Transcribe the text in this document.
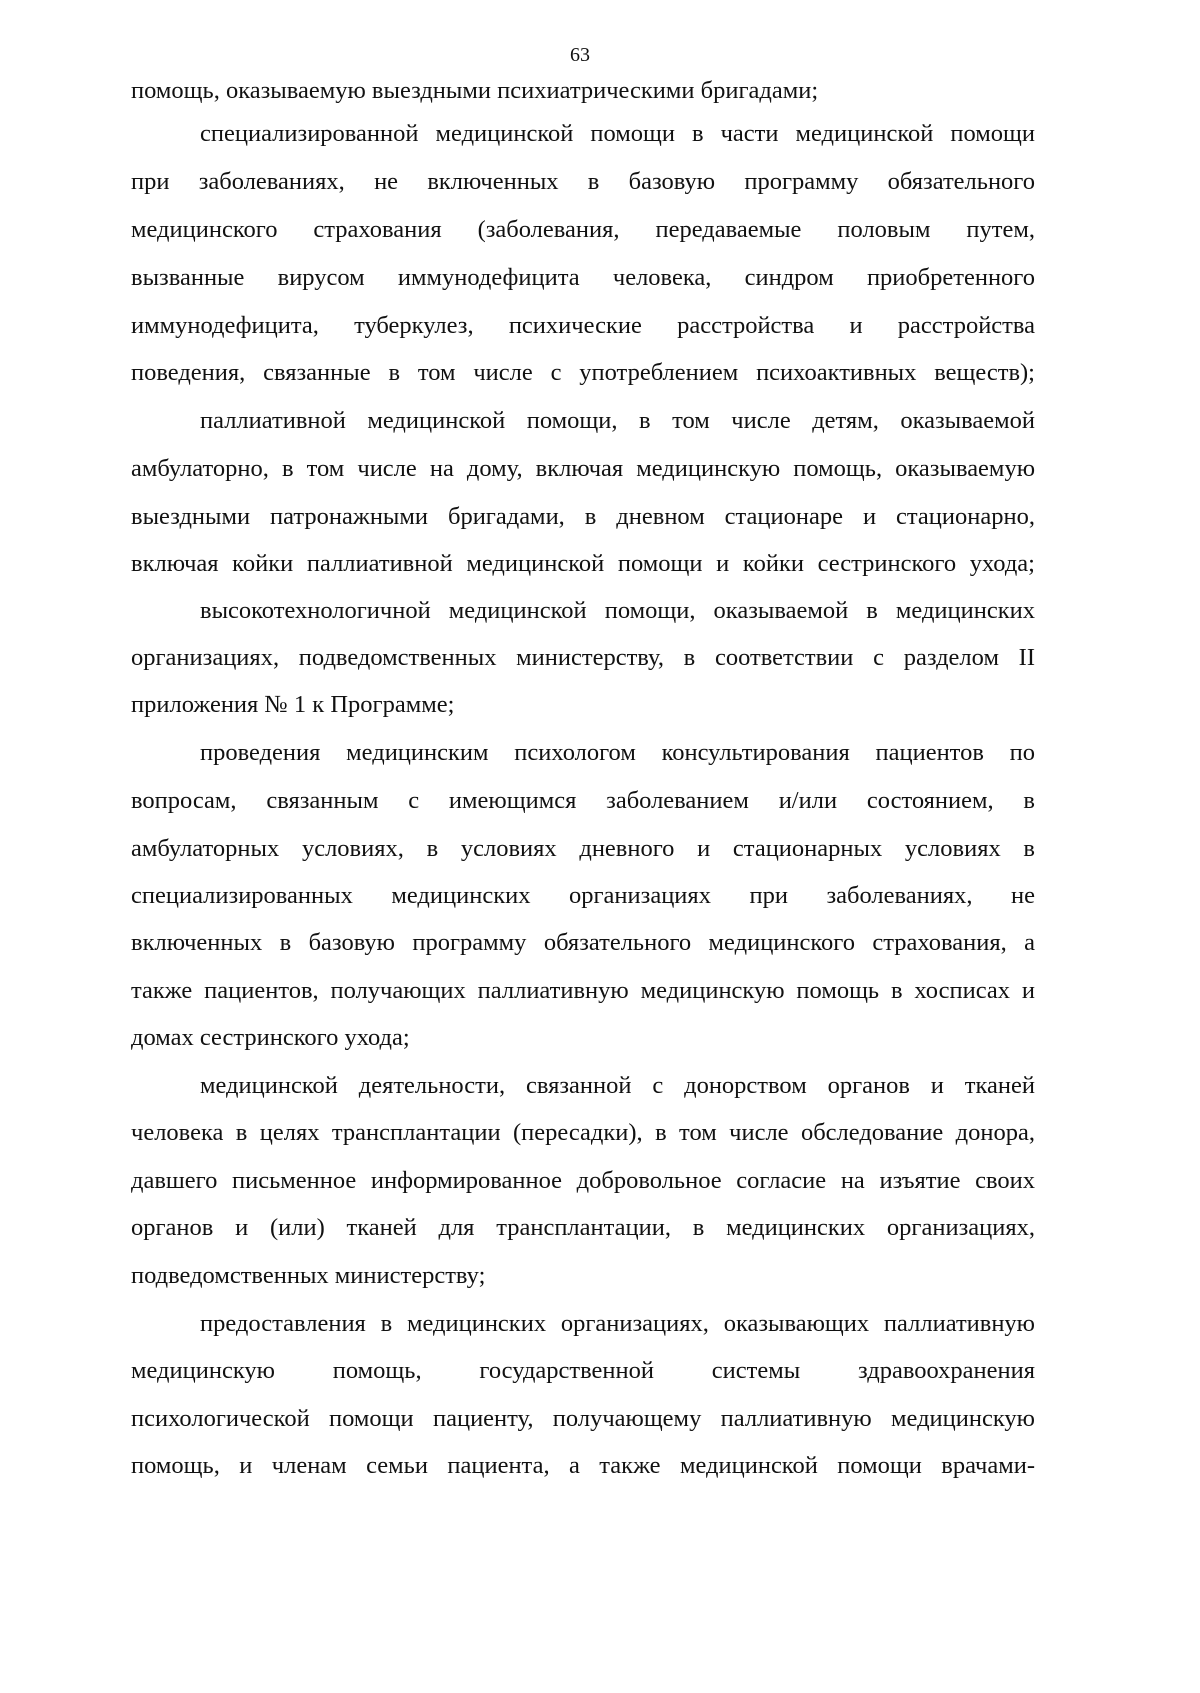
63
помощь, оказываемую выездными психиатрическими бригадами;
специализированной медицинской помощи в части медицинской помощи
при заболеваниях, не включенных в базовую программу обязательного
медицинского страхования (заболевания, передаваемые половым путем,
вызванные вирусом иммунодефицита человека, синдром приобретенного
иммунодефицита, туберкулез, психические расстройства и расстройства
поведения, связанные в том числе с употреблением психоактивных веществ);
паллиативной медицинской помощи, в том числе детям, оказываемой
амбулаторно, в том числе на дому, включая медицинскую помощь, оказываемую
выездными патронажными бригадами, в дневном стационаре и стационарно,
включая койки паллиативной медицинской помощи и койки сестринского ухода;
высокотехнологичной медицинской помощи, оказываемой в медицинских
организациях, подведомственных министерству, в соответствии с разделом II
приложения № 1 к Программе;
проведения медицинским психологом консультирования пациентов по
вопросам, связанным с имеющимся заболеванием и/или состоянием, в
амбулаторных условиях, в условиях дневного и стационарных условиях в
специализированных медицинских организациях при заболеваниях, не
включенных в базовую программу обязательного медицинского страхования, а
также пациентов, получающих паллиативную медицинскую помощь в хосписах и
домах сестринского ухода;
медицинской деятельности, связанной с донорством органов и тканей
человека в целях трансплантации (пересадки), в том числе обследование донора,
давшего письменное информированное добровольное согласие на изъятие своих
органов и (или) тканей для трансплантации, в медицинских организациях,
подведомственных министерству;
предоставления в медицинских организациях, оказывающих паллиативную
медицинскую помощь, государственной системы здравоохранения
психологической помощи пациенту, получающему паллиативную медицинскую
помощь, и членам семьи пациента, а также медицинской помощи врачами-
